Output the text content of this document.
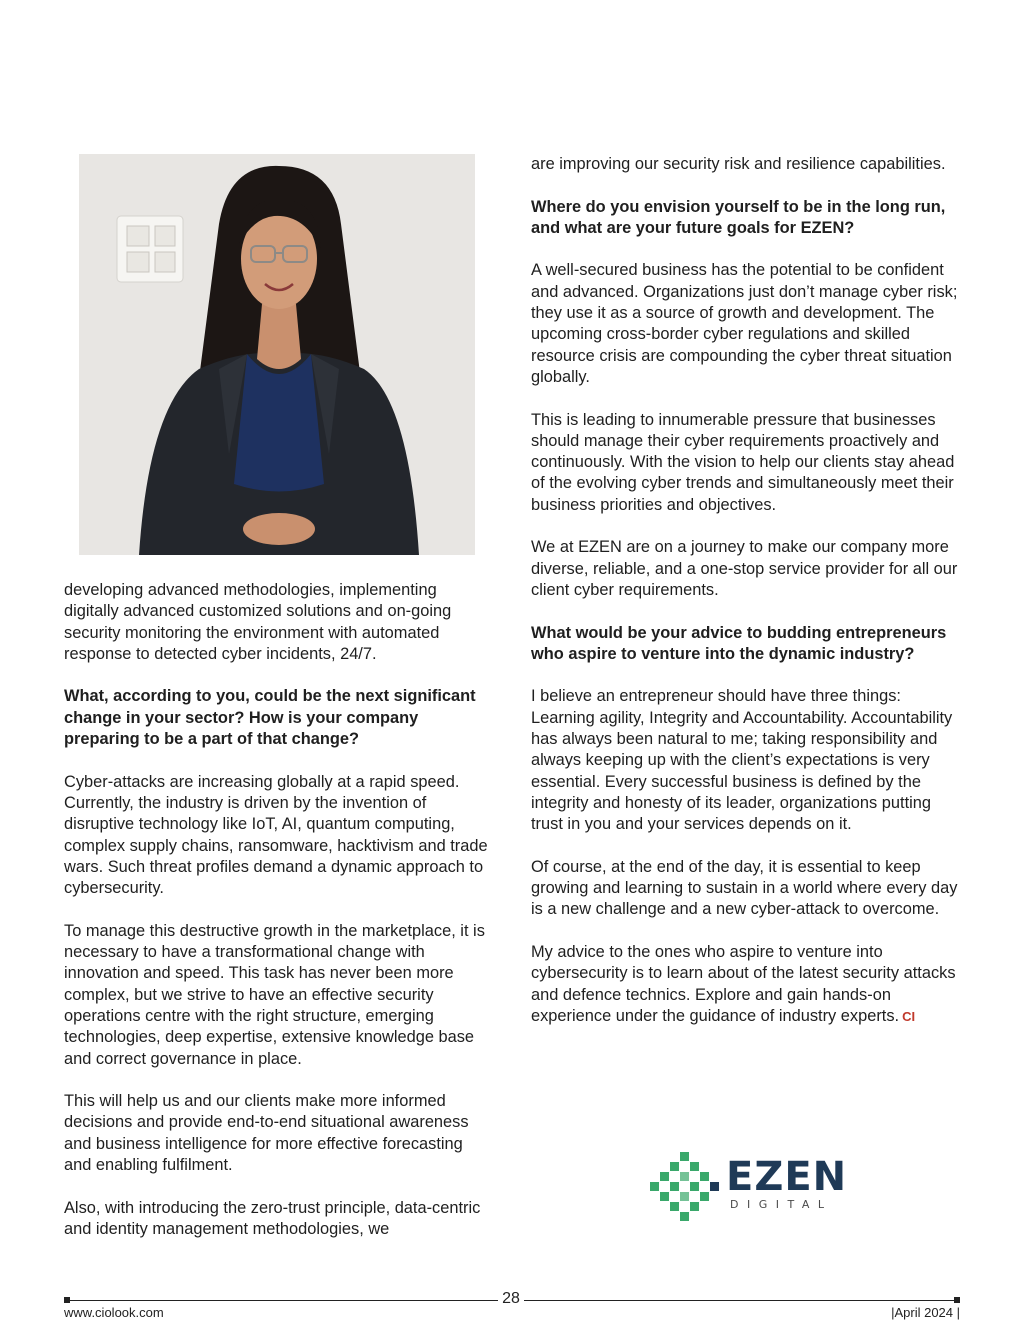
developing advanced methodologies, implementing digitally advanced customized solutions and on-going security monitoring the environment with automated response to detected cyber incidents, 24/7.

What, according to you, could be the next significant change in your sector? How is your company preparing to be a part of that change?

Cyber-attacks are increasing globally at a rapid speed. Currently, the industry is driven by the invention of disruptive technology like IoT, AI, quantum computing, complex supply chains, ransomware, hacktivism and trade wars. Such threat profiles demand a dynamic approach to cybersecurity.

To manage this destructive growth in the marketplace, it is necessary to have a transformational change with innovation and speed. This task has never been more complex, but we strive to have an effective security operations centre with the right structure, emerging technologies, deep expertise, extensive knowledge base and correct governance in place.

This will help us and our clients make more informed decisions and provide end-to-end situational awareness and business intelligence for more effective forecasting and enabling fulfilment.

Also, with introducing the zero-trust principle, data-centric and identity management methodologies, we

are improving our security risk and resilience capabilities.

Where do you envision yourself to be in the long run, and what are your future goals for EZEN?

A well-secured business has the potential to be confident and advanced. Organizations just don’t manage cyber risk; they use it as a source of growth and development. The upcoming cross-border cyber regulations and skilled resource crisis are compounding the cyber threat situation globally.

This is leading to innumerable pressure that businesses should manage their cyber requirements proactively and continuously. With the vision to help our clients stay ahead of the evolving cyber trends and simultaneously meet their business priorities and objectives.

We at EZEN are on a journey to make our company more diverse, reliable, and a one-stop service provider for all our client cyber requirements.

What would be your advice to budding entrepreneurs who aspire to venture into the dynamic industry?

I believe an entrepreneur should have three things: Learning agility, Integrity and Accountability. Accountability has always been natural to me; taking responsibility and always keeping up with the client’s expectations is very essential. Every successful business is defined by the integrity and honesty of its leader, organizations putting trust in you and your services depends on it.

Of course, at the end of the day, it is essential to keep growing and learning to sustain in a world where every day is a new challenge and a new cyber-attack to overcome.

My advice to the ones who aspire to venture into cybersecurity is to learn about of the latest security attacks and defence technics. Explore and gain hands-on experience under the guidance of industry experts. CI

EZEN
DIGITAL
28
www.ciolook.com	|April 2024 |
